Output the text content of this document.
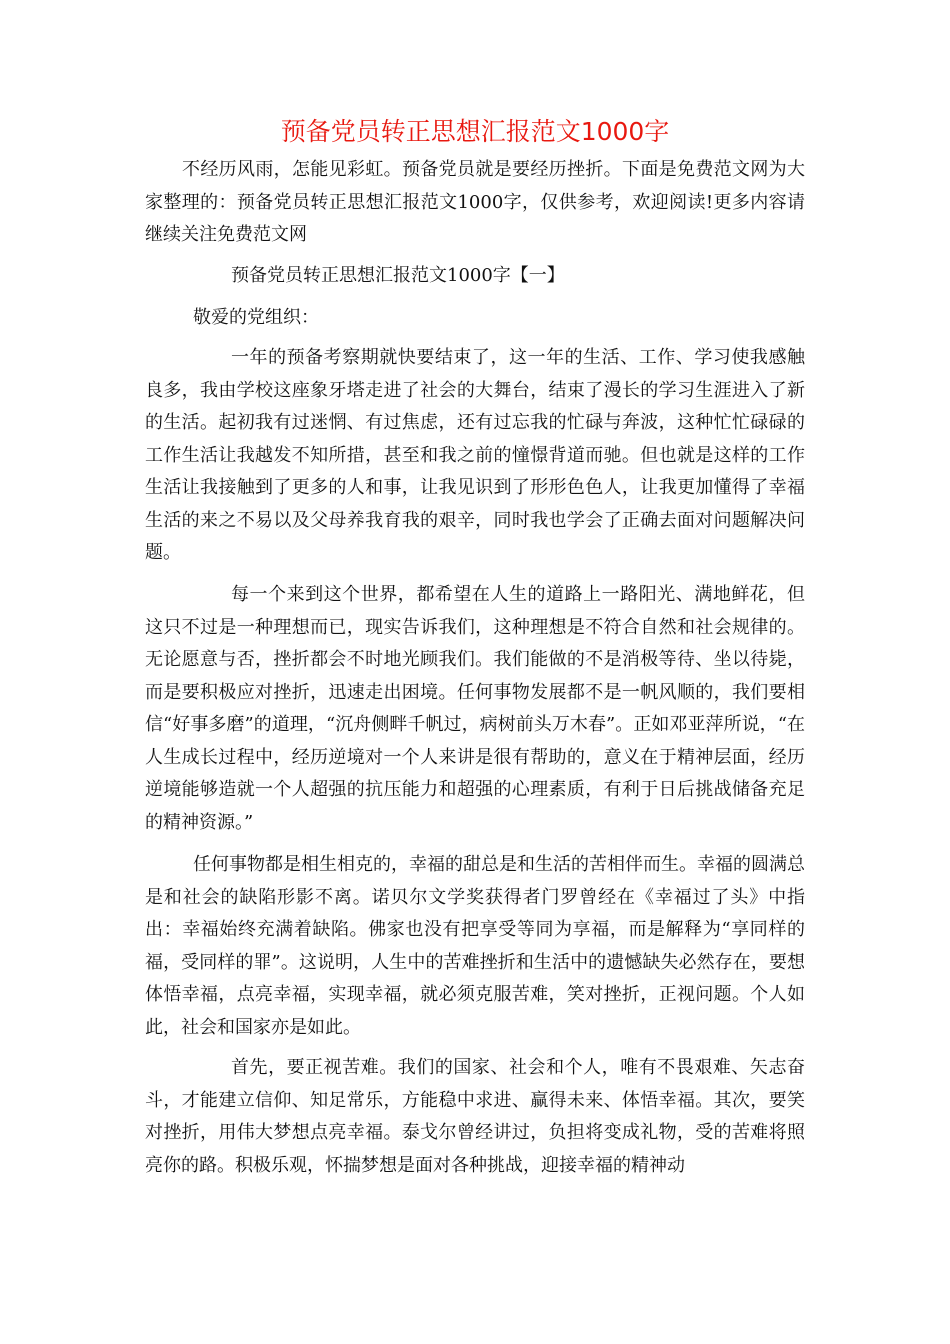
预备党员转正思想汇报范文1000字

不经历风雨，怎能见彩虹。预备党员就是要经历挫折。下面是免费范文网为大家整理的：预备党员转正思想汇报范文1000字，仅供参考，欢迎阅读!更多内容请继续关注免费范文网

预备党员转正思想汇报范文1000字【一】

敬爱的党组织：

一年的预备考察期就快要结束了，这一年的生活、工作、学习使我感触良多，我由学校这座象牙塔走进了社会的大舞台，结束了漫长的学习生涯进入了新的生活。起初我有过迷惘、有过焦虑，还有过忘我的忙碌与奔波，这种忙忙碌碌的工作生活让我越发不知所措，甚至和我之前的憧憬背道而驰。但也就是这样的工作生活让我接触到了更多的人和事，让我见识到了形形色色人，让我更加懂得了幸福生活的来之不易以及父母养我育我的艰辛，同时我也学会了正确去面对问题解决问题。

每一个来到这个世界，都希望在人生的道路上一路阳光、满地鲜花，但这只不过是一种理想而已，现实告诉我们，这种理想是不符合自然和社会规律的。无论愿意与否，挫折都会不时地光顾我们。我们能做的不是消极等待、坐以待毙，而是要积极应对挫折，迅速走出困境。任何事物发展都不是一帆风顺的，我们要相信“好事多磨”的道理，“沉舟侧畔千帆过，病树前头万木春”。正如邓亚萍所说，“在人生成长过程中，经历逆境对一个人来讲是很有帮助的，意义在于精神层面，经历逆境能够造就一个人超强的抗压能力和超强的心理素质，有利于日后挑战储备充足的精神资源。”

任何事物都是相生相克的，幸福的甜总是和生活的苦相伴而生。幸福的圆满总是和社会的缺陷形影不离。诺贝尔文学奖获得者门罗曾经在《幸福过了头》中指出：幸福始终充满着缺陷。佛家也没有把享受等同为享福，而是解释为“享同样的福，受同样的罪”。这说明，人生中的苦难挫折和生活中的遗憾缺失必然存在，要想体悟幸福，点亮幸福，实现幸福，就必须克服苦难，笑对挫折，正视问题。个人如此，社会和国家亦是如此。

首先，要正视苦难。我们的国家、社会和个人，唯有不畏艰难、矢志奋斗，才能建立信仰、知足常乐，方能稳中求进、赢得未来、体悟幸福。其次，要笑对挫折，用伟大梦想点亮幸福。泰戈尔曾经讲过，负担将变成礼物，受的苦难将照亮你的路。积极乐观，怀揣梦想是面对各种挑战，迎接幸福的精神动
